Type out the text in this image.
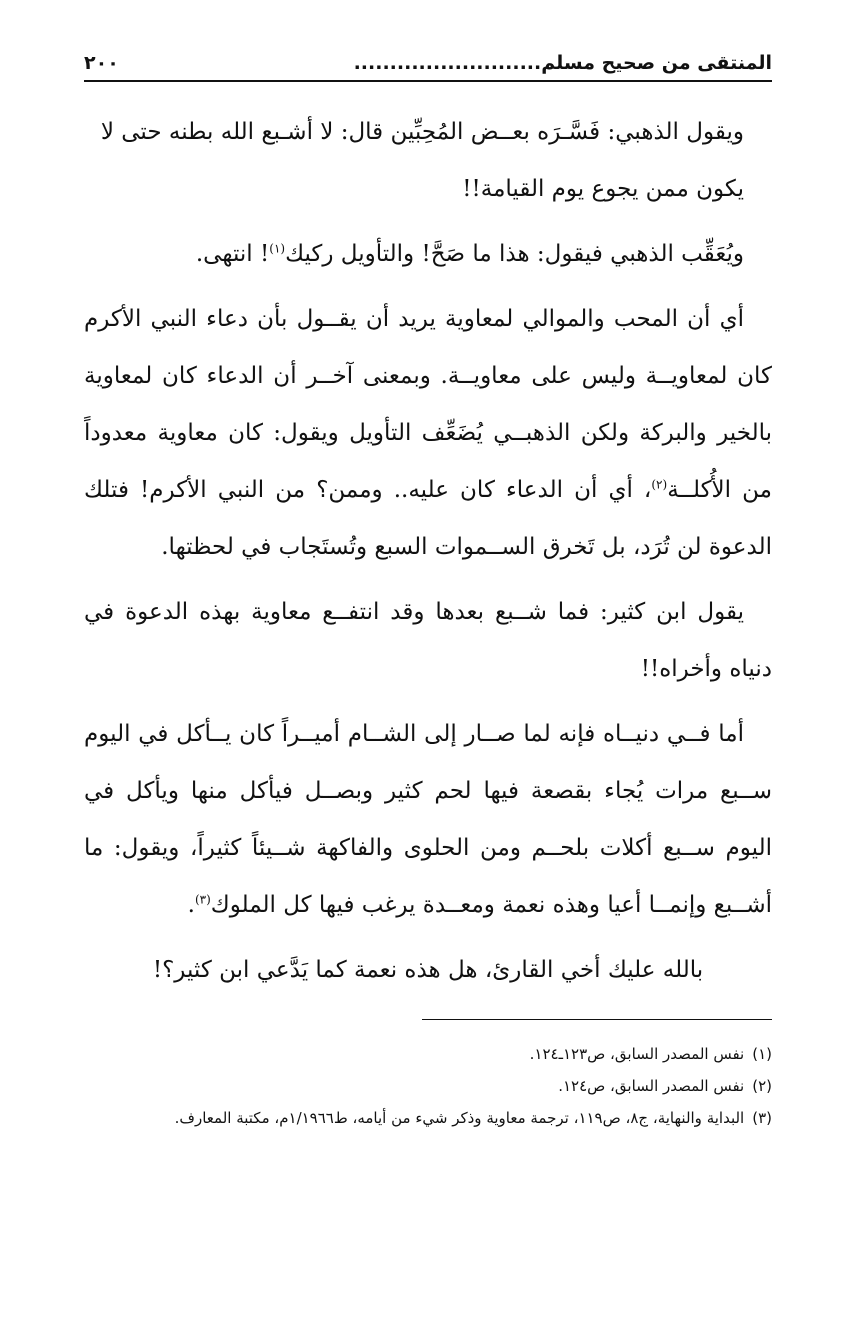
المنتقى من صحيح مسلم..........................
٢٠٠

ويقول الذهبي: فَسَّـرَه بعــض المُحِبِّين قال: لا أشـبع الله بطنه حتى لا

يكون ممن يجوع يوم القيامة!!

ويُعَقِّب الذهبي فيقول: هذا ما صَحَّ! والتأويل ركيك$^{(١)}$! انتهى.

أي أن المحب والموالي لمعاوية يريد أن يقــول بأن دعاء النبي الأكرم كان لمعاويــة وليس على معاويــة. وبمعنى آخــر أن الدعاء كان لمعاوية بالخير والبركة ولكن الذهبــي يُضَعِّف التأويل ويقول: كان معاوية معدوداً من الأُكلــة$^{(٢)}$، أي أن الدعاء كان عليه.. وممن؟ من النبي الأكرم! فتلك الدعوة لن تُرَد، بل تَخرق الســموات السبع وتُستَجاب في لحظتها.

يقول ابن كثير: فما شــبع بعدها وقد انتفــع معاوية بهذه الدعوة في دنياه وأخراه!!

أما فــي دنيــاه فإنه لما صــار إلى الشــام أميــراً كان يــأكل في اليوم ســبع مرات يُجاء بقصعة فيها لحم كثير وبصــل فيأكل منها ويأكل في اليوم ســبع أكلات بلحــم ومن الحلوى والفاكهة شــيئاً كثيراً، ويقول: ما أشــبع وإنمــا أعيا وهذه نعمة ومعــدة يرغب فيها كل الملوك$^{(٣)}$.

بالله عليك أخي القارئ، هل هذه نعمة كما يَدَّعي ابن كثير؟!

(١)نفس المصدر السابق، ص١٢٣ـ١٢٤.

(٢)نفس المصدر السابق، ص١٢٤.

(٣)البداية والنهاية، ج٨، ص١١٩، ترجمة معاوية وذكر شيء من أيامه، ط١/١٩٦٦م، مكتبة المعارف.
